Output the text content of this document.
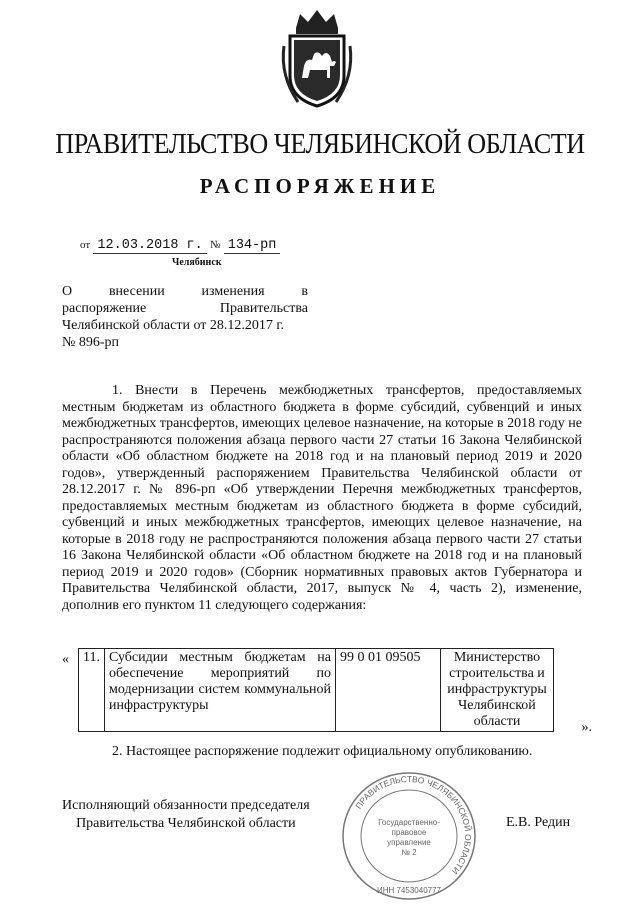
ПРАВИТЕЛЬСТВО ЧЕЛЯБИНСКОЙ ОБЛАСТИ
РАСПОРЯЖЕНИЕ
от 12.03.2018 г. № 134-рп
Челябинск
О внесении изменения в
распоряжение Правительства
Челябинской области от 28.12.2017 г.
№ 896-рп

1. Внести в Перечень межбюджетных трансфертов, предоставляемых местным бюджетам из областного бюджета в форме субсидий, субвенций и иных межбюджетных трансфертов, имеющих целевое назначение, на которые в 2018 году не распространяются положения абзаца первого части 27 статьи 16 Закона Челябинской области «Об областном бюджете на 2018 год и на плановый период 2019 и 2020 годов», утвержденный распоряжением Правительства Челябинской области от 28.12.2017 г. № 896-рп «Об утверждении Перечня межбюджетных трансфертов, предоставляемых местным бюджетам из областного бюджета в форме субсидий, субвенций и иных межбюджетных трансфертов, имеющих целевое назначение, на которые в 2018 году не распространяются положения абзаца первого части 27 статьи 16 Закона Челябинской области «Об областном бюджете на 2018 год и на плановый период 2019 и 2020 годов» (Сборник нормативных правовых актов Губернатора и Правительства Челябинской области, 2017, выпуск № 4, часть 2), изменение, дополнив его пунктом 11 следующего содержания:

« 11.	Субсидии местным бюджетам на обеспечение мероприятий по модернизации систем коммунальной инфраструктуры	99 0 01 09505	Министерство строительства и инфраструктуры Челябинской области	».
2. Настоящее распоряжение подлежит официальному опубликованию.
Исполняющий обязанности председателя
Правительства Челябинской области
ПРАВИТЕЛЬСТВО ЧЕЛЯБИНСКОЙ ОБЛАСТИ
Государственно-
правовое
управление
№ 2
ИНН 7453040777
Е.В. Редин
